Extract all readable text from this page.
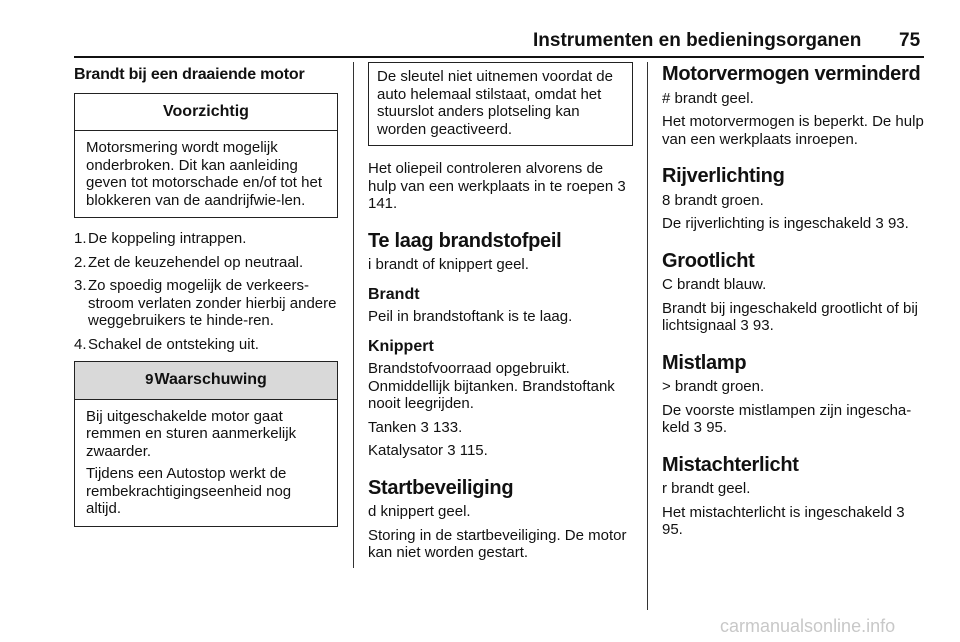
Instrumenten en bedieningsorganen 75
Brandt bij een draaiende motor
Voorzichtig

Motorsmering wordt mogelijk onderbroken. Dit kan aanleiding geven tot motorschade en/of tot het blokkeren van de aandrijfwie-len.

1. De koppeling intrappen.
2. Zet de keuzehendel op neutraal.
3. Zo spoedig mogelijk de verkeers-stroom verlaten zonder hierbij andere weggebruikers te hinde-ren.
4. Schakel de ontsteking uit.
9Waarschuwing

Bij uitgeschakelde motor gaat remmen en sturen aanmerkelijk zwaarder.

Tijdens een Autostop werkt de rembekrachtigingseenheid nog altijd.

De sleutel niet uitnemen voordat de auto helemaal stilstaat, omdat het stuurslot anders plotseling kan worden geactiveerd.

Het oliepeil controleren alvorens de hulp van een werkplaats in te roepen 3 141.

Te laag brandstofpeil

i brandt of knippert geel.

Brandt

Peil in brandstoftank is te laag.

Knippert

Brandstofvoorraad opgebruikt. Onmiddellijk bijtanken. Brandstoftank nooit leegrijden.

Tanken 3 133.

Katalysator 3 115.

Startbeveiliging

d knippert geel.

Storing in de startbeveiliging. De motor kan niet worden gestart.

Motorvermogen verminderd

# brandt geel.

Het motorvermogen is beperkt. De hulp van een werkplaats inroepen.

Rijverlichting

8 brandt groen.

De rijverlichting is ingeschakeld 3 93.

Grootlicht

C brandt blauw.

Brandt bij ingeschakeld grootlicht of bij lichtsignaal 3 93.

Mistlamp

> brandt groen.

De voorste mistlampen zijn ingescha-keld 3 95.

Mistachterlicht

r brandt geel.

Het mistachterlicht is ingeschakeld 3 95.

carmanualsonline.info
